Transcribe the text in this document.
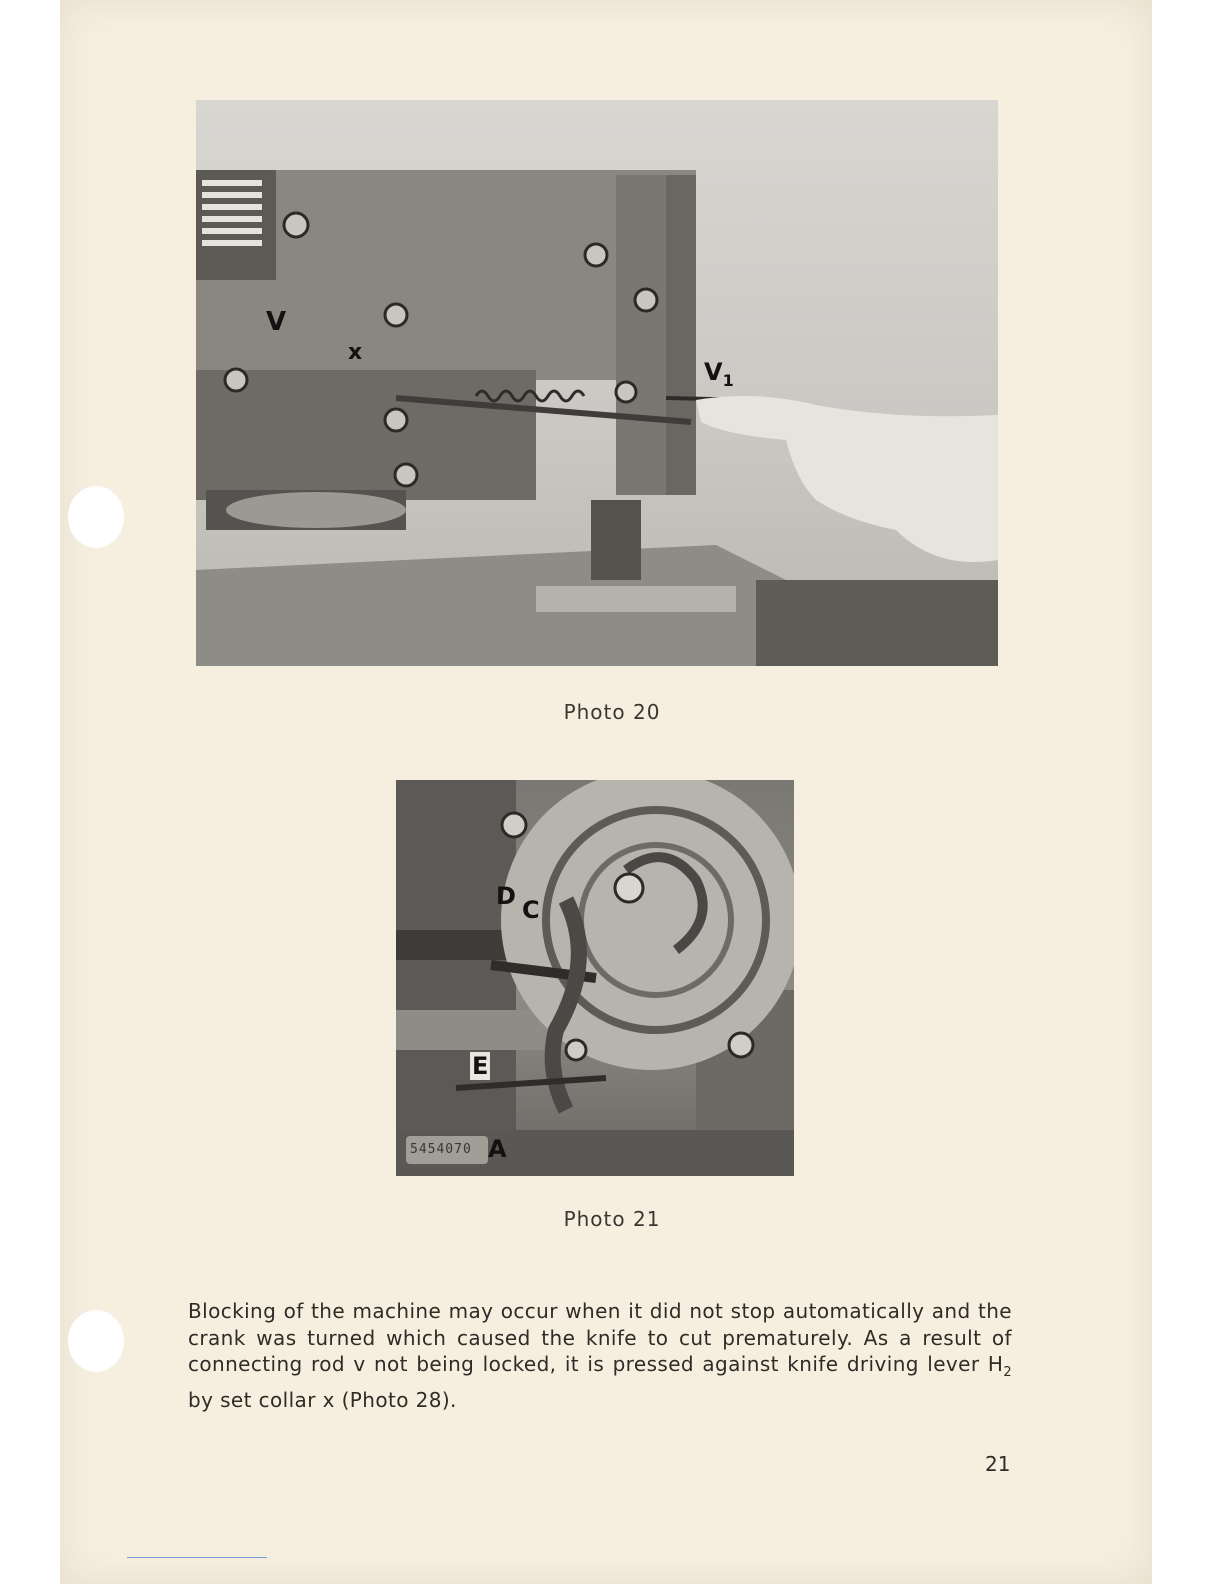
V
x
$V_1$
Photo 20
D C
E
A
5454070
Photo 21
Blocking of the machine may occur when it did not stop automatically and the crank was turned which caused the knife to cut prematurely. As a result of connecting rod v not being locked, it is pressed against knife driving lever $H_2$ by set collar x (Photo 28).
21
